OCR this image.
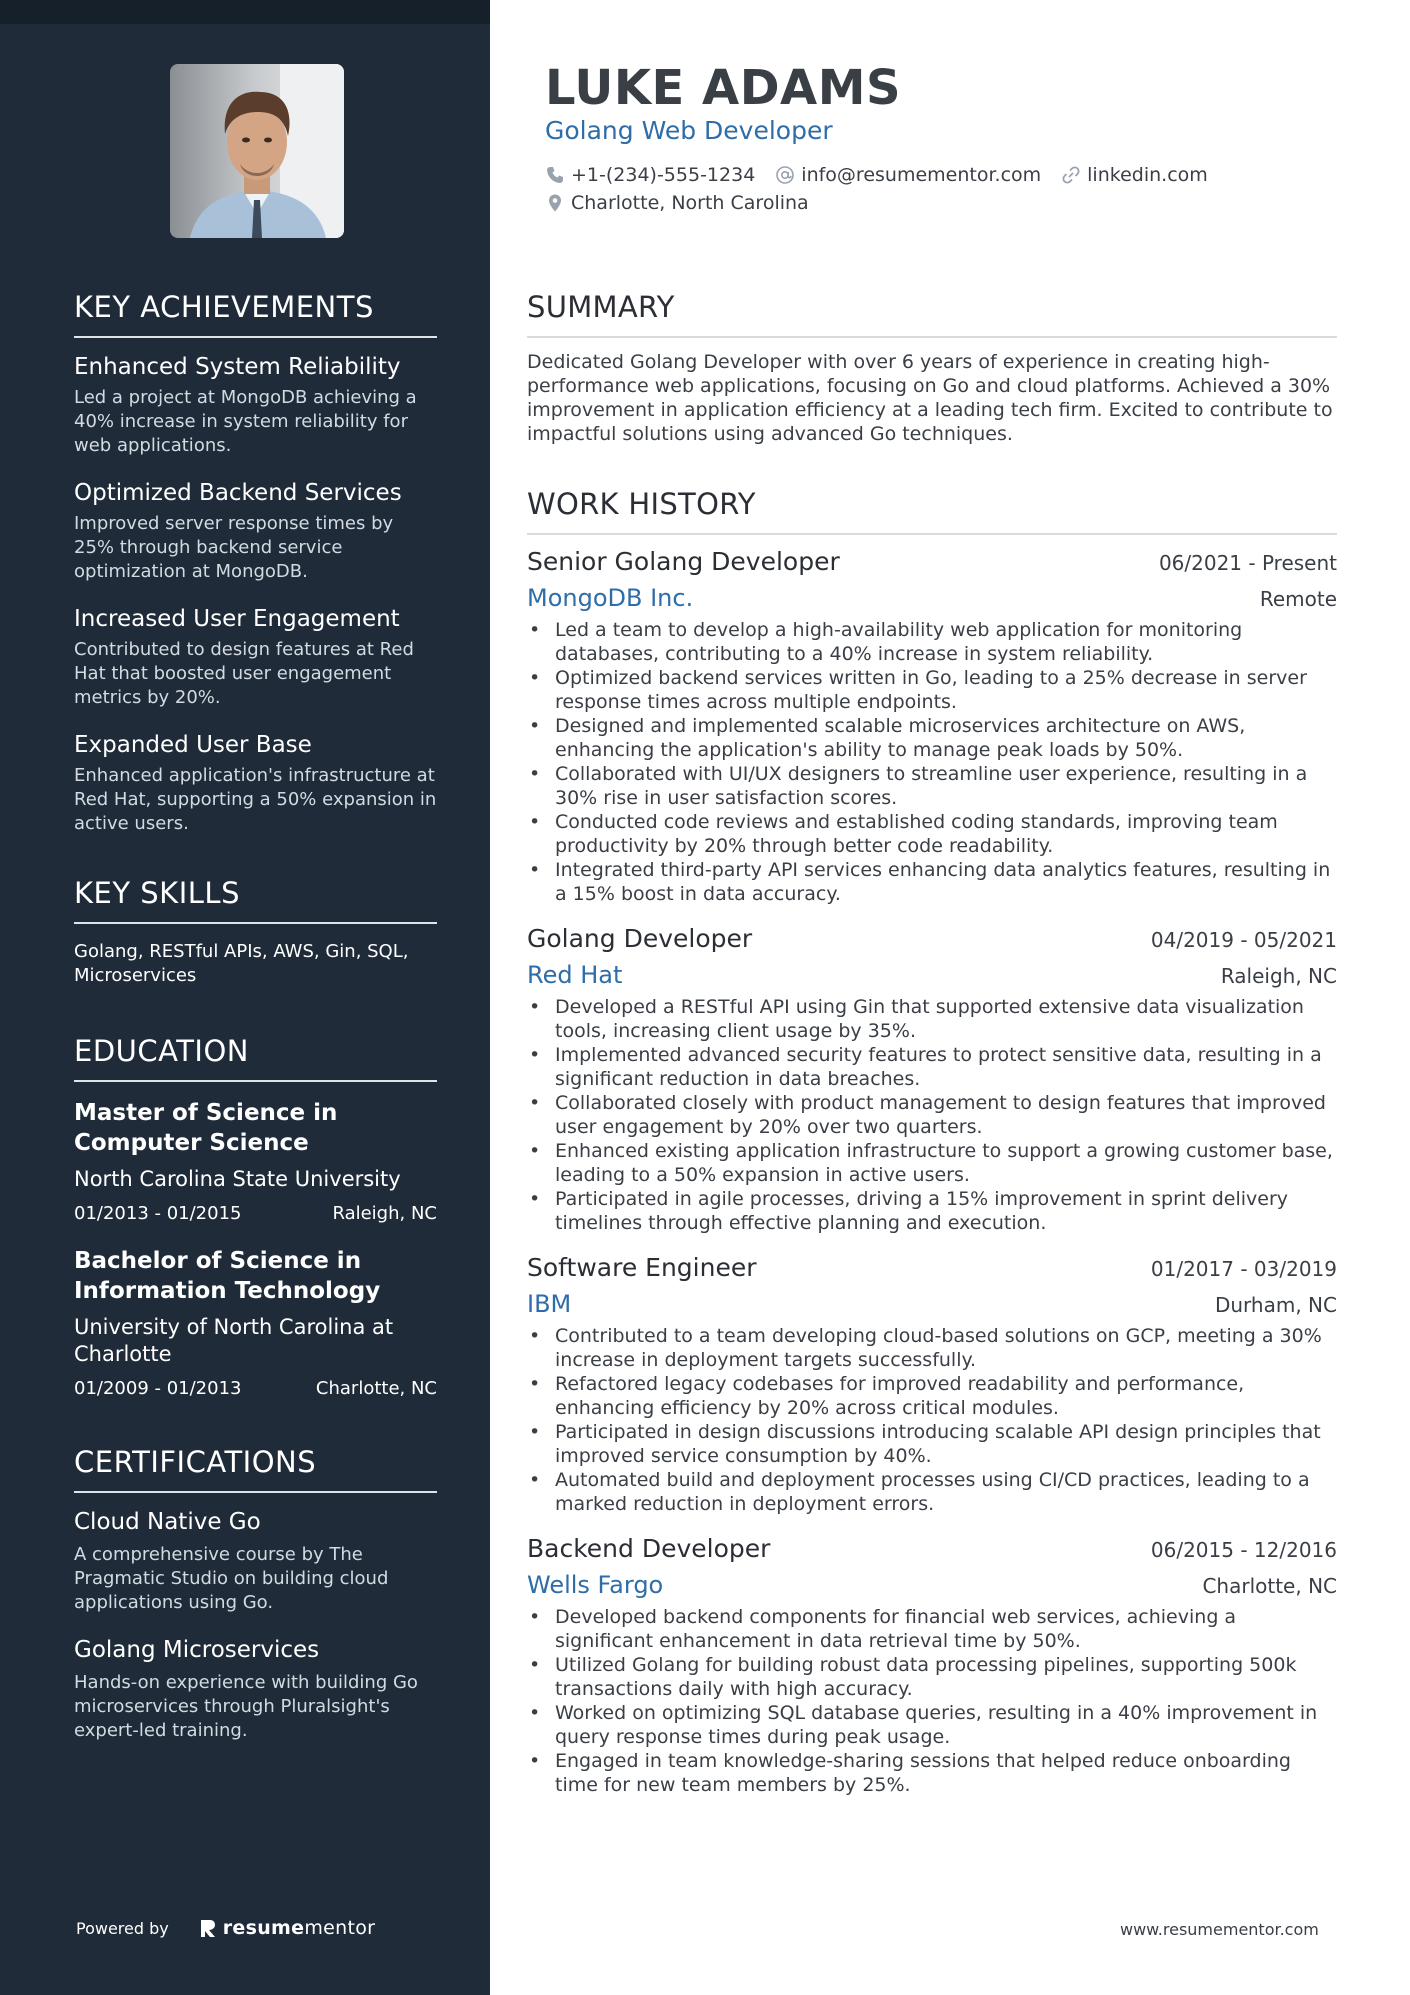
KEY ACHIEVEMENTS
Enhanced System Reliability
Led a project at MongoDB achieving a 40% increase in system reliability for web applications.
Optimized Backend Services
Improved server response times by 25% through backend service optimization at MongoDB.
Increased User Engagement
Contributed to design features at Red Hat that boosted user engagement metrics by 20%.
Expanded User Base
Enhanced application's infrastructure at Red Hat, supporting a 50% expansion in active users.
KEY SKILLS
Golang, RESTful APIs, AWS, Gin, SQL, Microservices
EDUCATION
Master of Science in Computer Science
North Carolina State University
01/2013 - 01/2015	Raleigh, NC
Bachelor of Science in Information Technology
University of North Carolina at Charlotte
01/2009 - 01/2013	Charlotte, NC
CERTIFICATIONS
Cloud Native Go
A comprehensive course by The Pragmatic Studio on building cloud applications using Go.
Golang Microservices
Hands-on experience with building Go microservices through Pluralsight's expert-led training.
Powered by	resume mentor
LUKE ADAMS
Golang Web Developer
+1-(234)-555-1234 info@resumementor.com linkedin.com
Charlotte, North Carolina
SUMMARY
Dedicated Golang Developer with over 6 years of experience in creating high-performance web applications, focusing on Go and cloud platforms. Achieved a 30% improvement in application efficiency at a leading tech firm. Excited to contribute to impactful solutions using advanced Go techniques.
WORK HISTORY
Senior Golang Developer	06/2021 - Present
MongoDB Inc.	Remote
• Led a team to develop a high-availability web application for monitoring databases, contributing to a 40% increase in system reliability.
• Optimized backend services written in Go, leading to a 25% decrease in server response times across multiple endpoints.
• Designed and implemented scalable microservices architecture on AWS, enhancing the application's ability to manage peak loads by 50%.
• Collaborated with UI/UX designers to streamline user experience, resulting in a 30% rise in user satisfaction scores.
• Conducted code reviews and established coding standards, improving team productivity by 20% through better code readability.
• Integrated third-party API services enhancing data analytics features, resulting in a 15% boost in data accuracy.
Golang Developer	04/2019 - 05/2021
Red Hat	Raleigh, NC
• Developed a RESTful API using Gin that supported extensive data visualization tools, increasing client usage by 35%.
• Implemented advanced security features to protect sensitive data, resulting in a significant reduction in data breaches.
• Collaborated closely with product management to design features that improved user engagement by 20% over two quarters.
• Enhanced existing application infrastructure to support a growing customer base, leading to a 50% expansion in active users.
• Participated in agile processes, driving a 15% improvement in sprint delivery timelines through effective planning and execution.
Software Engineer	01/2017 - 03/2019
IBM	Durham, NC
• Contributed to a team developing cloud-based solutions on GCP, meeting a 30% increase in deployment targets successfully.
• Refactored legacy codebases for improved readability and performance, enhancing efficiency by 20% across critical modules.
• Participated in design discussions introducing scalable API design principles that improved service consumption by 40%.
• Automated build and deployment processes using CI/CD practices, leading to a marked reduction in deployment errors.
Backend Developer	06/2015 - 12/2016
Wells Fargo	Charlotte, NC
• Developed backend components for financial web services, achieving a significant enhancement in data retrieval time by 50%.
• Utilized Golang for building robust data processing pipelines, supporting 500k transactions daily with high accuracy.
• Worked on optimizing SQL database queries, resulting in a 40% improvement in query response times during peak usage.
• Engaged in team knowledge-sharing sessions that helped reduce onboarding time for new team members by 25%.
www.resumementor.com
